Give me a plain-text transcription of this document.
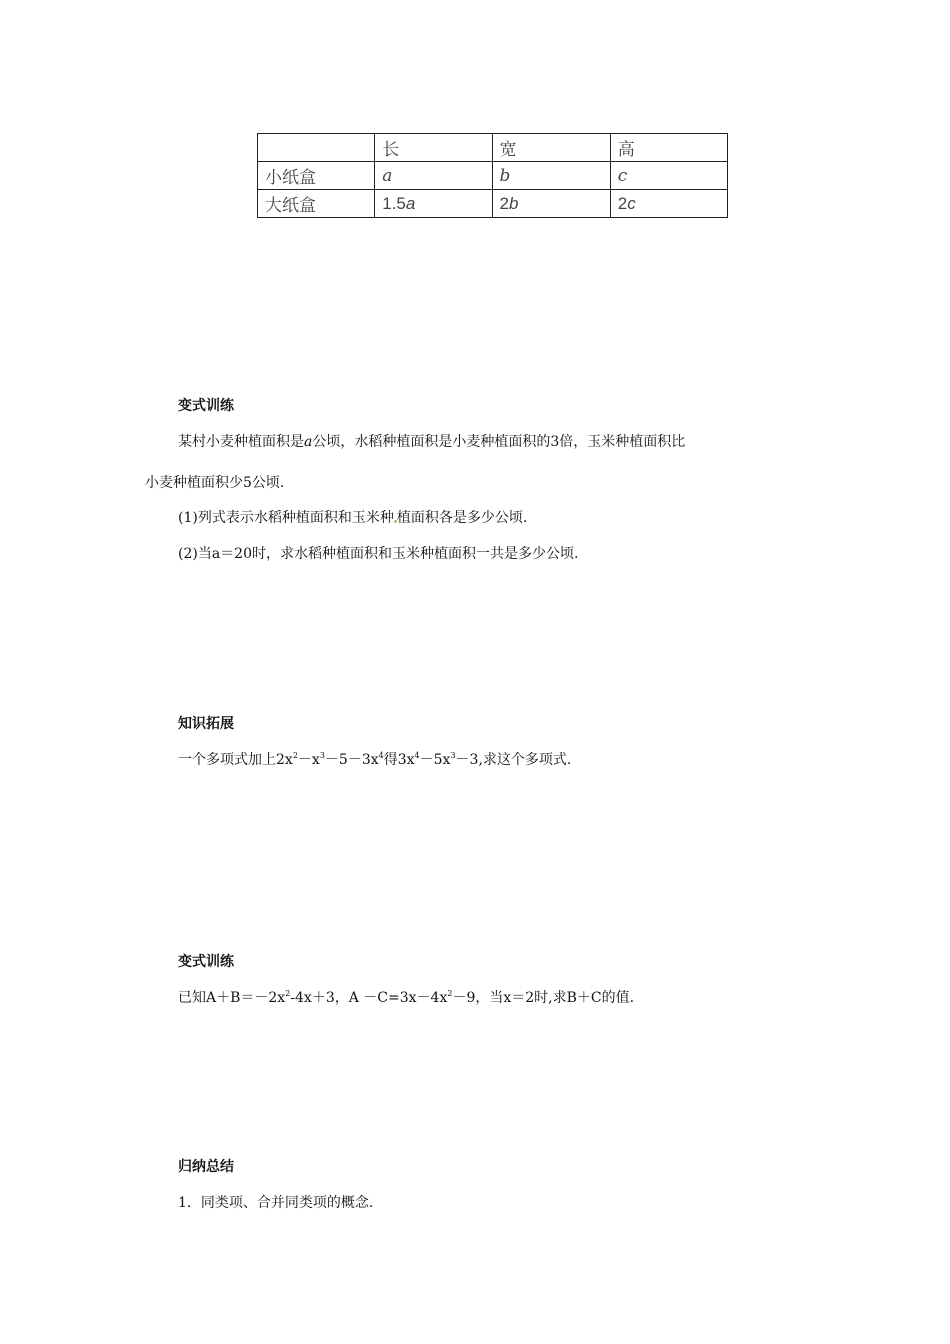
	长	宽	高
小纸盒	a	b	c
大纸盒	1.5a	2b	2c
变式训练
某村小麦种植面积是a公顷，水稻种植面积是小麦种植面积的3倍，玉米种植面积比
小麦种植面积少5公顷.
(1)列式表示水稻种植面积和玉米种 植面积各是多少公顷.
(2)当a＝20时，求水稻种植面积和玉米种植面积一共是多少公顷.
知识拓展
一个多项式加上$2x^2-x^3-5-3x^4$得$3x^4-5x^3-3$,求这个多项式.
变式训练
已知$A+B=-2x^2-4x+3$，$A -C=3x-4x^2-9$，当x＝2时,求B＋C的值.
归纳总结
1．同类项、合并同类项的概念.
